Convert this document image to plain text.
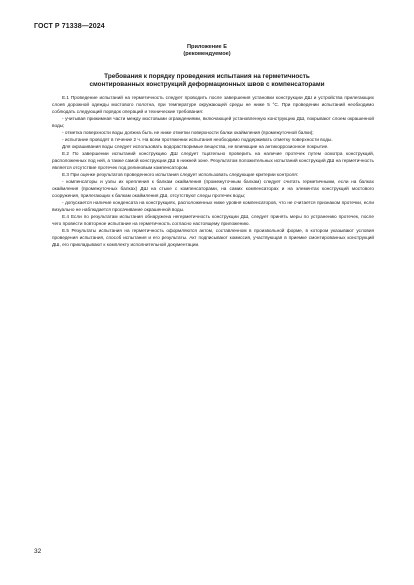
ГОСТ Р 71338—2024
Приложение Е
(рекомендуемое)
Требования к порядку проведения испытания на герметичность
смонтированных конструкций деформационных швов с компенсаторами

Е.1 Проведение испытаний на герметичность следует проводить после завершения установки конструкции ДШ и устройства прилегающих слоев дорожной одежды мостового полотна, при температуре окружающей среды не ниже 5 °С. При проведении испытаний необходимо соблюдать следующий порядок операций и технические требования:

- учитывая прижимная части между мостовыми ограждениями, включающей установленную конструкцию ДШ, покрывают слоем окрашенной воды;

- отметка поверхности воды должна быть не ниже отметки поверхности балки окаймления (промежуточной балки);

- испытание проводят в течение 2 ч. На всем протяжении испытания необходимо поддерживать отметку поверхности воды.

Для окрашивания воды следует использовать водорастворимые вещества, не влияющие на антикоррозионное покрытие.

Е.2 По завершении испытаний конструкцию ДШ следует тщательно проверить на наличие протечек путем осмотра конструкций, расположенных под ней, а также самой конструкции ДШ в нижней зоне. Результатом положительных испытаний конструкций ДШ на герметичность является отсутствие протечек под релиновым компенсатором.

Е.3 При оценке результатов проведенного испытания следует использовать следующие критерии контроля:

- компенсаторы и узлы их крепления к балкам окаймления (промежуточным балкам) следует считать герметичными, если на балках окаймления (промежуточных балках) ДШ на стыке с компенсаторами, на самих компенсаторах и на элементах конструкций мостового сооружения, прилегающих к балкам окаймления ДШ, отсутствуют следы протечек воды;

- допускается наличие конденсата на конструкциях, расположенных ниже уровня компенсаторов, что не считается признаком протечки, если визуально не наблюдается просачивание окрашенной воды.

Е.4 Если по результатам испытания обнаружена негерметичность конструкции ДШ, следует принять меры по устранению протечек, после чего провести повторное испытание на герметичность согласно настоящему приложению.

Е.5 Результаты испытания на герметичность оформляются актом, составленном в произвольной форме, в котором указывают условия проведения испытания, способ испытания и его результаты. Акт подписывают комиссия, участвующая в приемке смонтированных конструкций ДШ, его прикладывают к комплекту исполнительной документации.

32
